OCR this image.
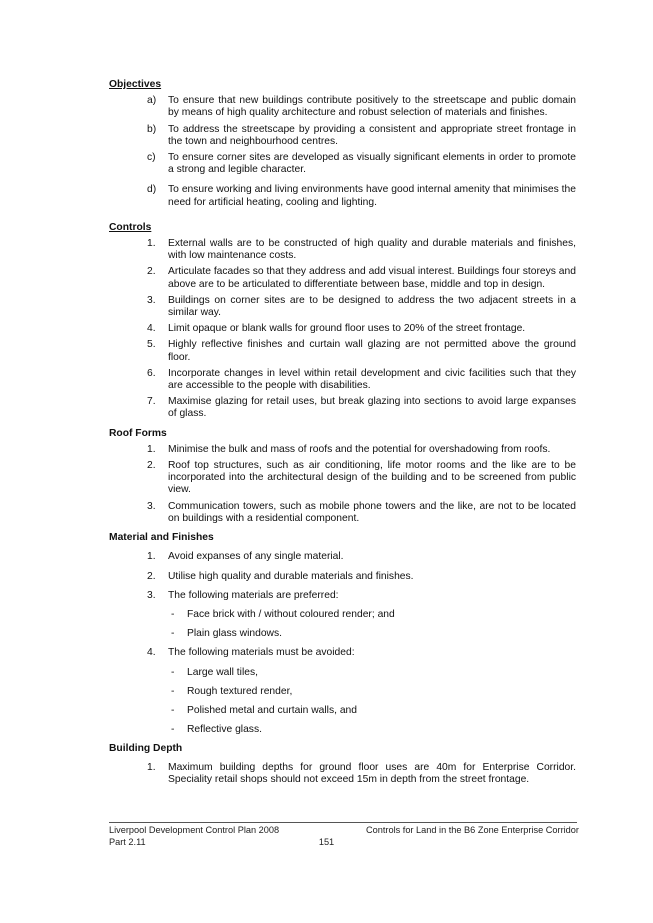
Objectives

a) To ensure that new buildings contribute positively to the streetscape and public domain by means of high quality architecture and robust selection of materials and finishes.
b) To address the streetscape by providing a consistent and appropriate street frontage in the town and neighbourhood centres.
c) To ensure corner sites are developed as visually significant elements in order to promote a strong and legible character.
d) To ensure working and living environments have good internal amenity that minimises the need for artificial heating, cooling and lighting.

Controls

1. External walls are to be constructed of high quality and durable materials and finishes, with low maintenance costs.
2. Articulate facades so that they address and add visual interest. Buildings four storeys and above are to be articulated to differentiate between base, middle and top in design.
3. Buildings on corner sites are to be designed to address the two adjacent streets in a similar way.
4. Limit opaque or blank walls for ground floor uses to 20% of the street frontage.
5. Highly reflective finishes and curtain wall glazing are not permitted above the ground floor.
6. Incorporate changes in level within retail development and civic facilities such that they are accessible to the people with disabilities.
7. Maximise glazing for retail uses, but break glazing into sections to avoid large expanses of glass.

Roof Forms

1. Minimise the bulk and mass of roofs and the potential for overshadowing from roofs.
2. Roof top structures, such as air conditioning, life motor rooms and the like are to be incorporated into the architectural design of the building and to be screened from public view.
3. Communication towers, such as mobile phone towers and the like, are not to be located on buildings with a residential component.

Material and Finishes

1. Avoid expanses of any single material.
2. Utilise high quality and durable materials and finishes.
3. The following materials are preferred:
- Face brick with / without coloured render; and
- Plain glass windows.
4. The following materials must be avoided:
- Large wall tiles,
- Rough textured render,
- Polished metal and curtain walls, and
- Reflective glass.

Building Depth

1. Maximum building depths for ground floor uses are 40m for Enterprise Corridor. Speciality retail shops should not exceed 15m in depth from the street frontage.
Liverpool Development Control Plan 2008
Part 2.11
Controls for Land in the B6 Zone Enterprise Corridor
151
